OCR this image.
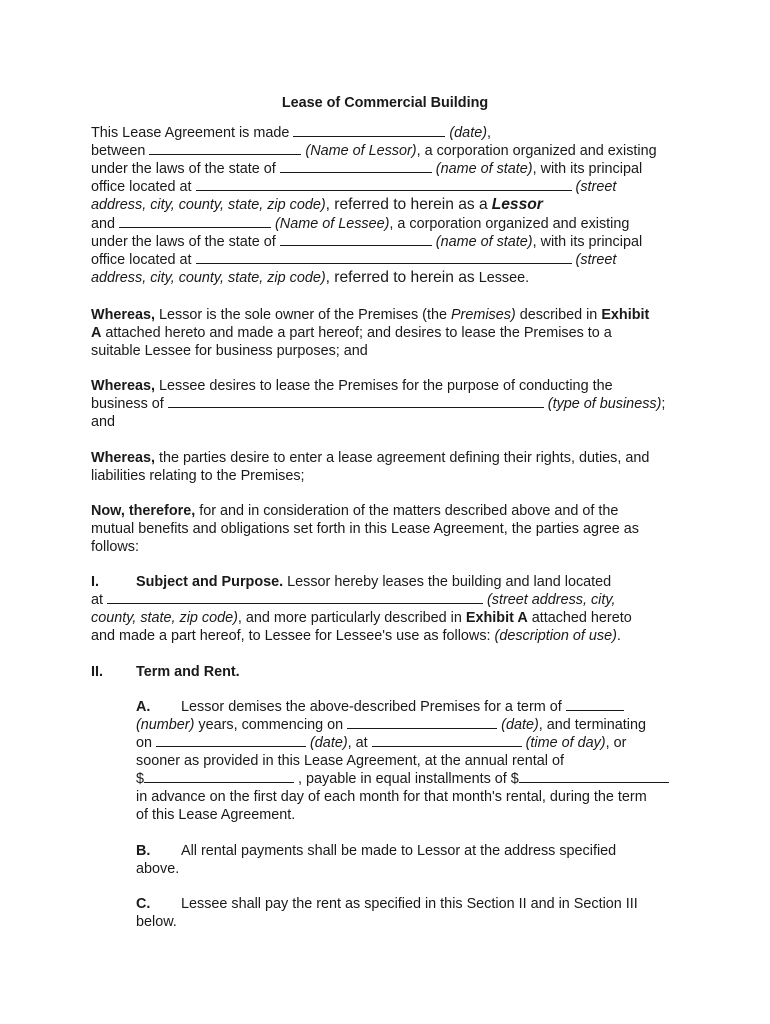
Lease of Commercial Building
This Lease Agreement is made	(date),
between	(Name of Lessor), a corporation organized and existing
under the laws of the state of	(name of state), with its principal
office located at	(street
address, city, county, state, zip code), referred to herein as a Lessor
and	(Name of Lessee), a corporation organized and existing
under the laws of the state of	(name of state), with its principal
office located at	(street
address, city, county, state, zip code), referred to herein as Lessee.
Whereas, Lessor is the sole owner of the Premises (the Premises) described in Exhibit
A attached hereto and made a part hereof; and desires to lease the Premises to a
suitable Lessee for business purposes; and
Whereas, Lessee desires to lease the Premises for the purpose of conducting the
business of	(type of business);
and
Whereas, the parties desire to enter a lease agreement defining their rights, duties, and
liabilities relating to the Premises;
Now, therefore, for and in consideration of the matters described above and of the
mutual benefits and obligations set forth in this Lease Agreement, the parties agree as
follows:
I.	Subject and Purpose. Lessor hereby leases the building and land located
at	(street address, city,
county, state, zip code), and more particularly described in Exhibit A attached hereto
and made a part hereof, to Lessee for Lessee's use as follows: (description of use).
II. Term and Rent.
A. Lessor demises the above-described Premises for a term of
(number) years, commencing on	(date), and terminating
on	(date), at	(time of day), or
sooner as provided in this Lease Agreement, at the annual rental of
$	, payable in equal installments of $
in advance on the first day of each month for that month's rental, during the term
of this Lease Agreement.
B. All rental payments shall be made to Lessor at the address specified
above.
C. Lessee shall pay the rent as specified in this Section II and in Section III
below.
